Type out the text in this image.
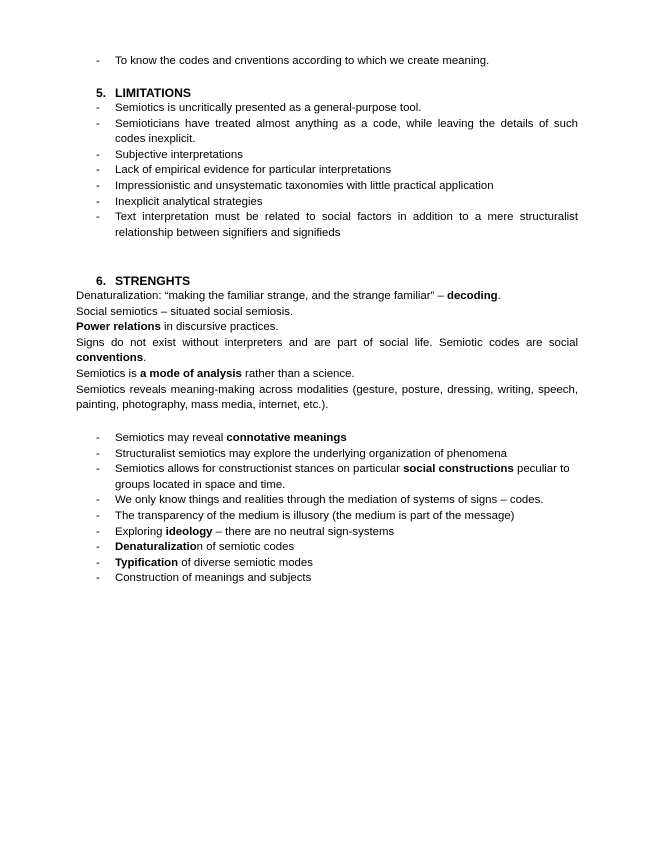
- To know the codes and cnventions according to which we create meaning.
5. LIMITATIONS
- Semiotics is uncritically presented as a general-purpose tool.
- Semioticians have treated almost anything as a code, while leaving the details of such codes inexplicit.
- Subjective interpretations
- Lack of empirical evidence for particular interpretations
- Impressionistic and unsystematic taxonomies with little practical application
- Inexplicit analytical strategies
- Text interpretation must be related to social factors in addition to a mere structuralist relationship between signifiers and signifieds
6. STRENGHTS

Denaturalization: “making the familiar strange, and the strange familiar” – decoding.

Social semiotics – situated social semiosis.

Power relations in discursive practices.

Signs do not exist without interpreters and are part of social life. Semiotic codes are social conventions.

Semiotics is a mode of analysis rather than a science.

Semiotics reveals meaning-making across modalities (gesture, posture, dressing, writing, speech, painting, photography, mass media, internet, etc.).

- Semiotics may reveal connotative meanings
- Structuralist semiotics may explore the underlying organization of phenomena
- Semiotics allows for constructionist stances on particular social constructions peculiar to groups located in space and time.
- We only know things and realities through the mediation of systems of signs – codes.
- The transparency of the medium is illusory (the medium is part of the message)
- Exploring ideology – there are no neutral sign-systems
- Denaturalization of semiotic codes
- Typification of diverse semiotic modes
- Construction of meanings and subjects
